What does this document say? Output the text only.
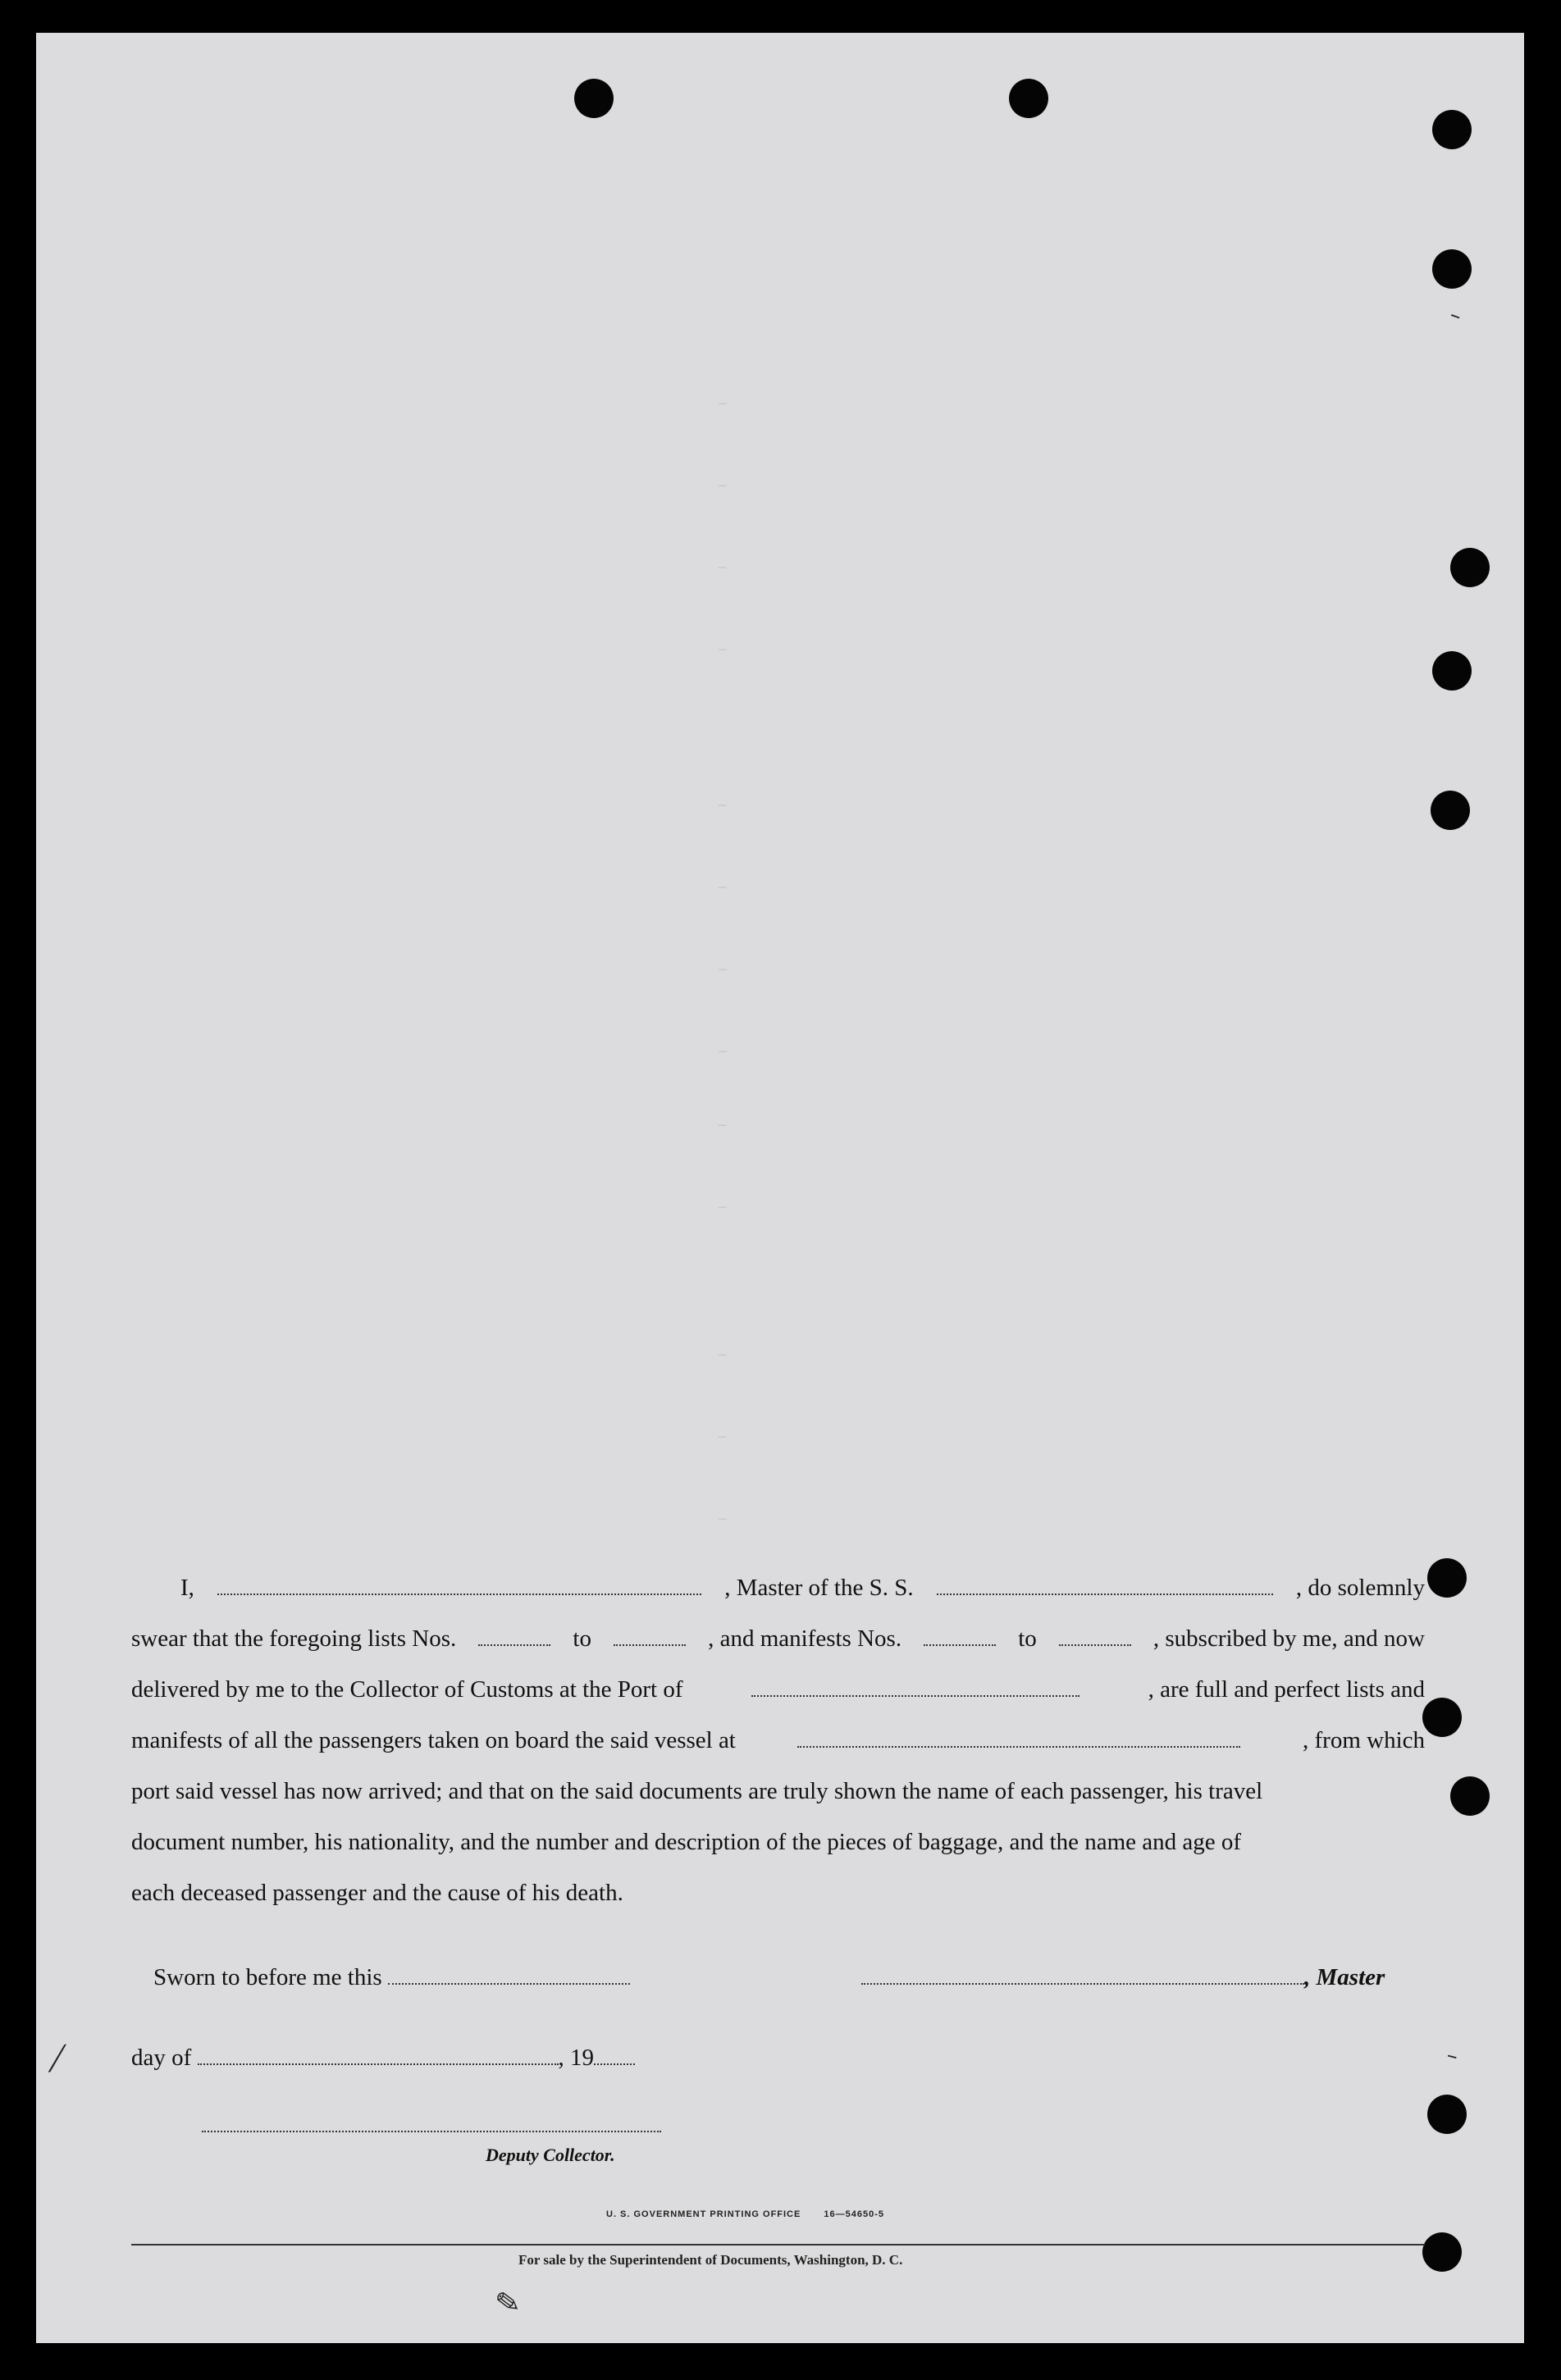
–
–
–
–
–
–
–
–
–
–
–
–
–
I,	, Master of the S. S.	, do solemnly
swear that the foregoing lists Nos.	to	, and manifests Nos.	to	, subscribed by me, and now
delivered by me to the Collector of Customs at the Port of	, are full and perfect lists and
manifests of all the passengers taken on board the said vessel at	, from which
port said vessel has now arrived; and that on the said documents are truly shown the name of each passenger, his travel
document number, his nationality, and the number and description of the pieces of baggage, and the name and age of
each deceased passenger and the cause of his death.
Sworn to before me this	, Master
day of	, 19
Deputy Collector.
U. S. GOVERNMENT PRINTING OFFICE	16—54650-5
For sale by the Superintendent of Documents, Washington, D. C.
⟋
✎
–
–
